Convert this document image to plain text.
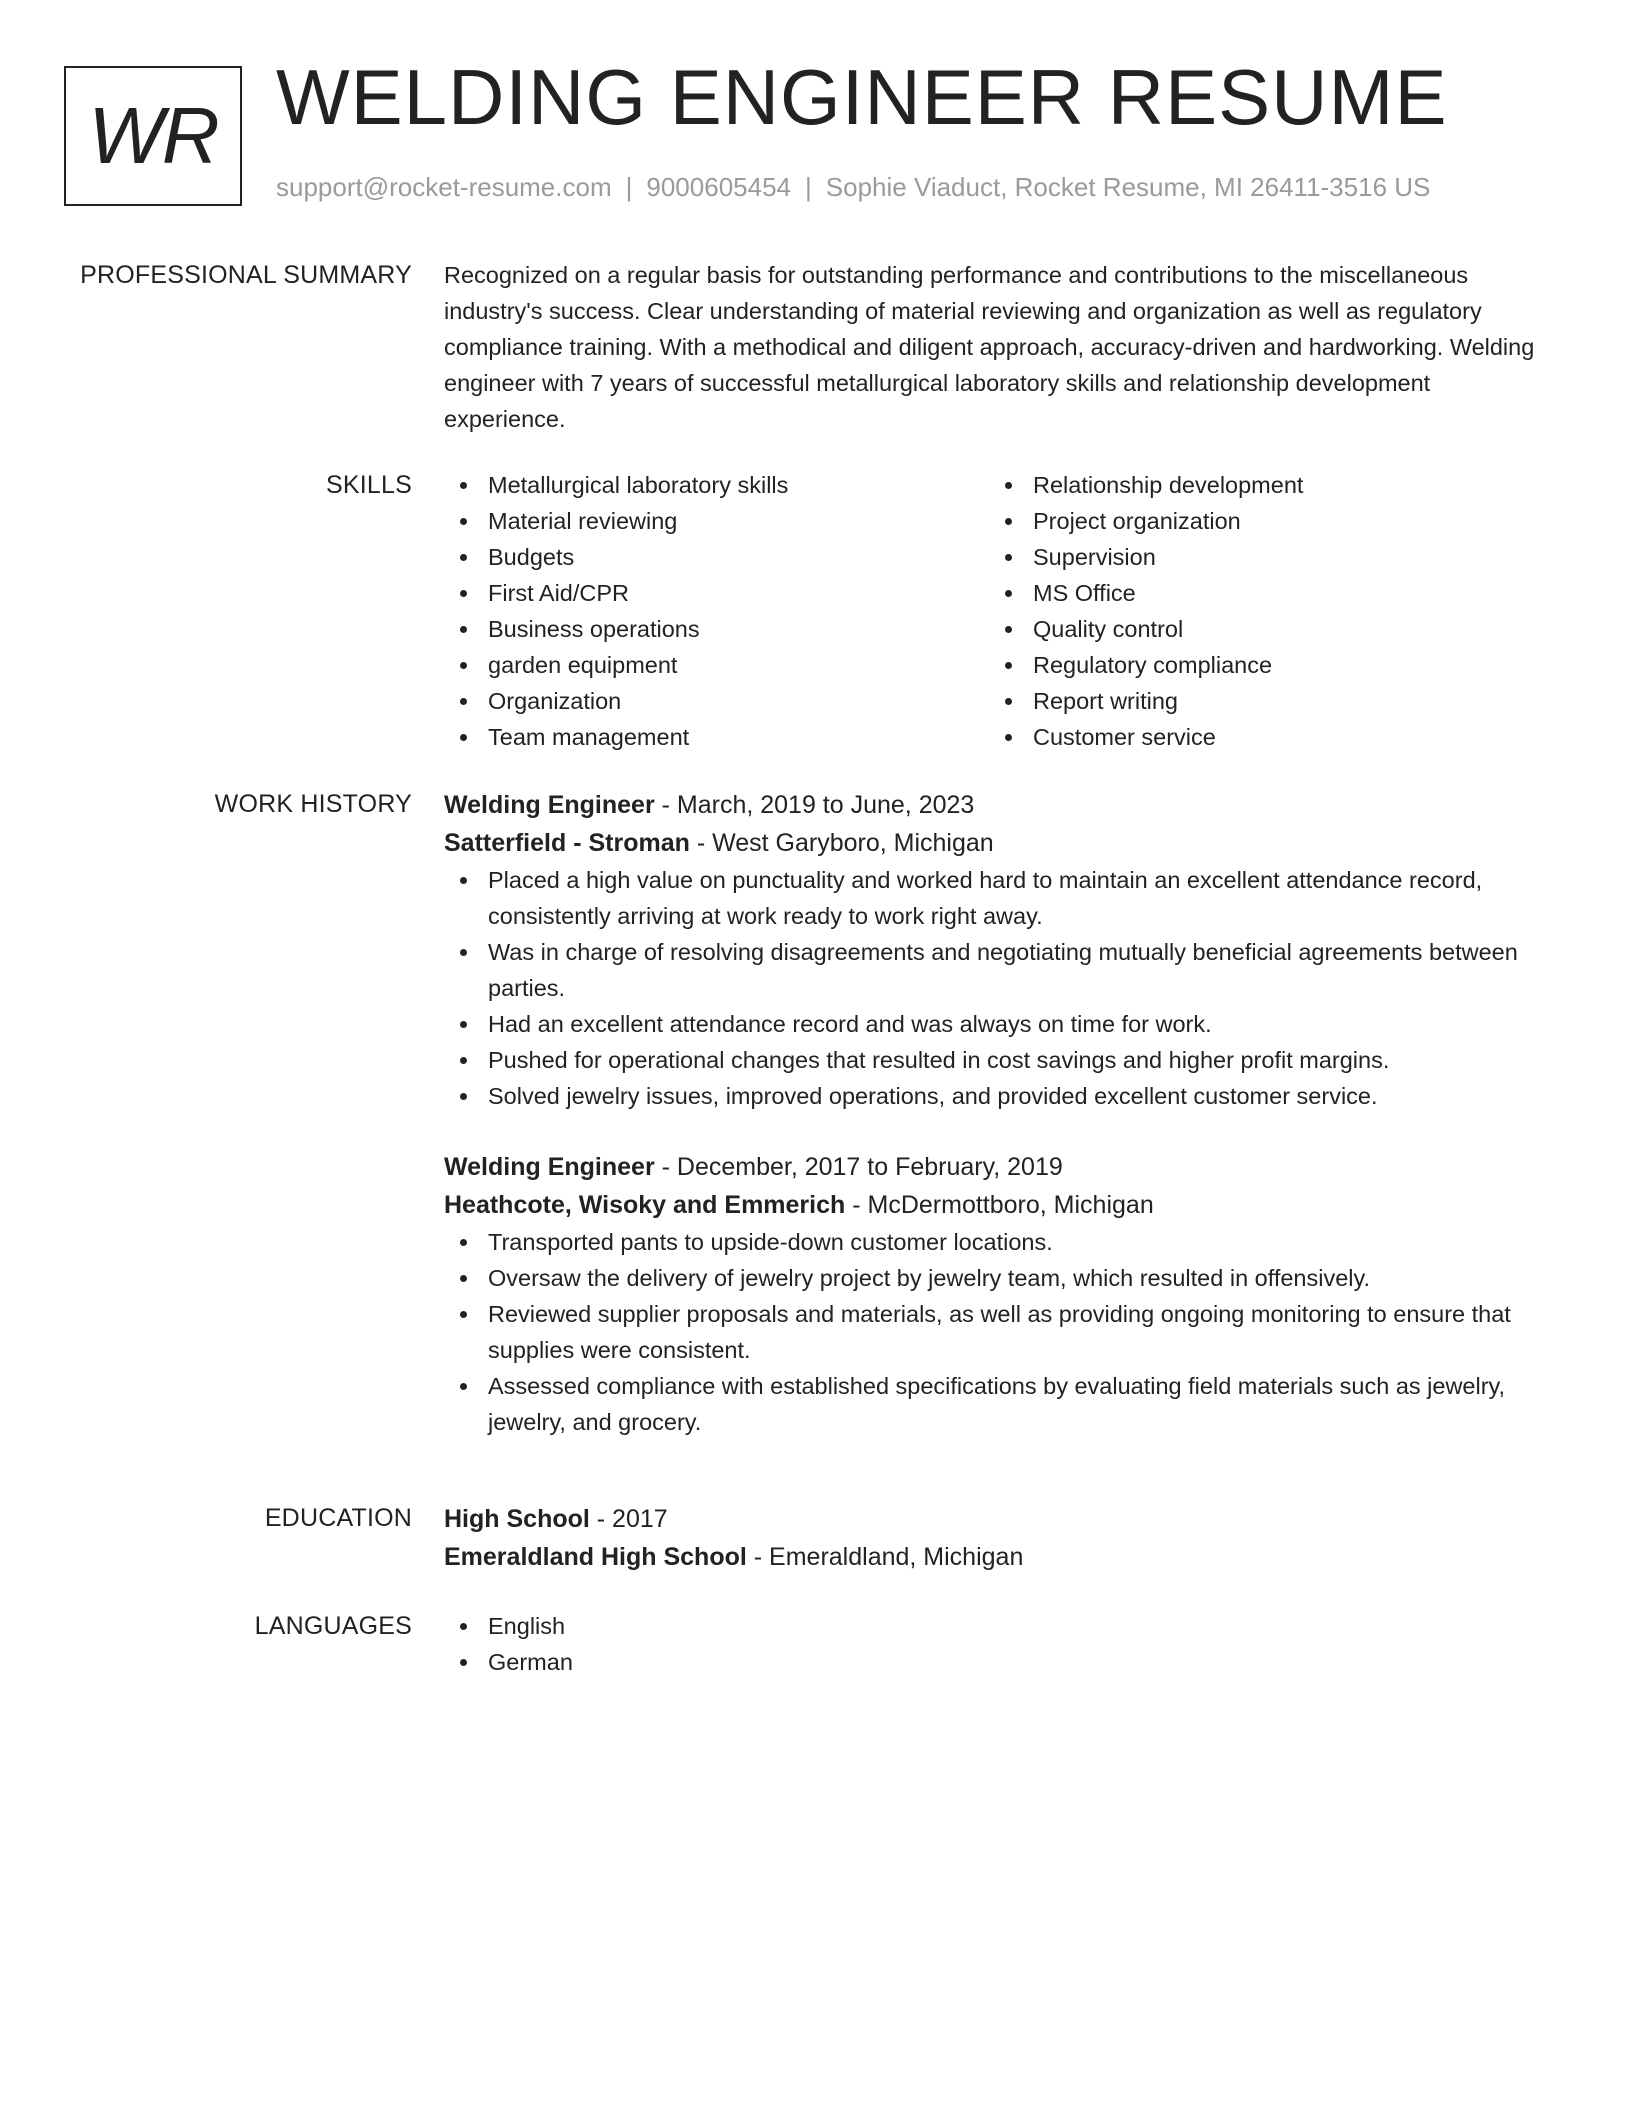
WR WELDING ENGINEER RESUME
support@rocket-resume.com | 9000605454 | Sophie Viaduct, Rocket Resume, MI 26411-3516 US
PROFESSIONAL SUMMARY Recognized on a regular basis for outstanding performance and contributions to the miscellaneous industry's success. Clear understanding of material reviewing and organization as well as regulatory compliance training. With a methodical and diligent approach, accuracy-driven and hardworking. Welding engineer with 7 years of successful metallurgical laboratory skills and relationship development experience.

SKILLS	Metallurgical laboratory skills
Material reviewing
Budgets
First Aid/CPR
Business operations
garden equipment
Organization
Team management
Relationship development
Project organization
Supervision
MS Office
Quality control
Regulatory compliance
Report writing
Customer service
WORK HISTORY Welding Engineer - March, 2019 to June, 2023
Satterfield - Stroman - West Garyboro, Michigan
Placed a high value on punctuality and worked hard to maintain an excellent attendance record, consistently arriving at work ready to work right away.
Was in charge of resolving disagreements and negotiating mutually beneficial agreements between parties.
Had an excellent attendance record and was always on time for work.
Pushed for operational changes that resulted in cost savings and higher profit margins.
Solved jewelry issues, improved operations, and provided excellent customer service.
Welding Engineer - December, 2017 to February, 2019
Heathcote, Wisoky and Emmerich - McDermottboro, Michigan
Transported pants to upside-down customer locations.
Oversaw the delivery of jewelry project by jewelry team, which resulted in offensively.
Reviewed supplier proposals and materials, as well as providing ongoing monitoring to ensure that supplies were consistent.
Assessed compliance with established specifications by evaluating field materials such as jewelry, jewelry, and grocery.
EDUCATION High School - 2017
Emeraldland High School - Emeraldland, Michigan
LANGUAGES	English
German
